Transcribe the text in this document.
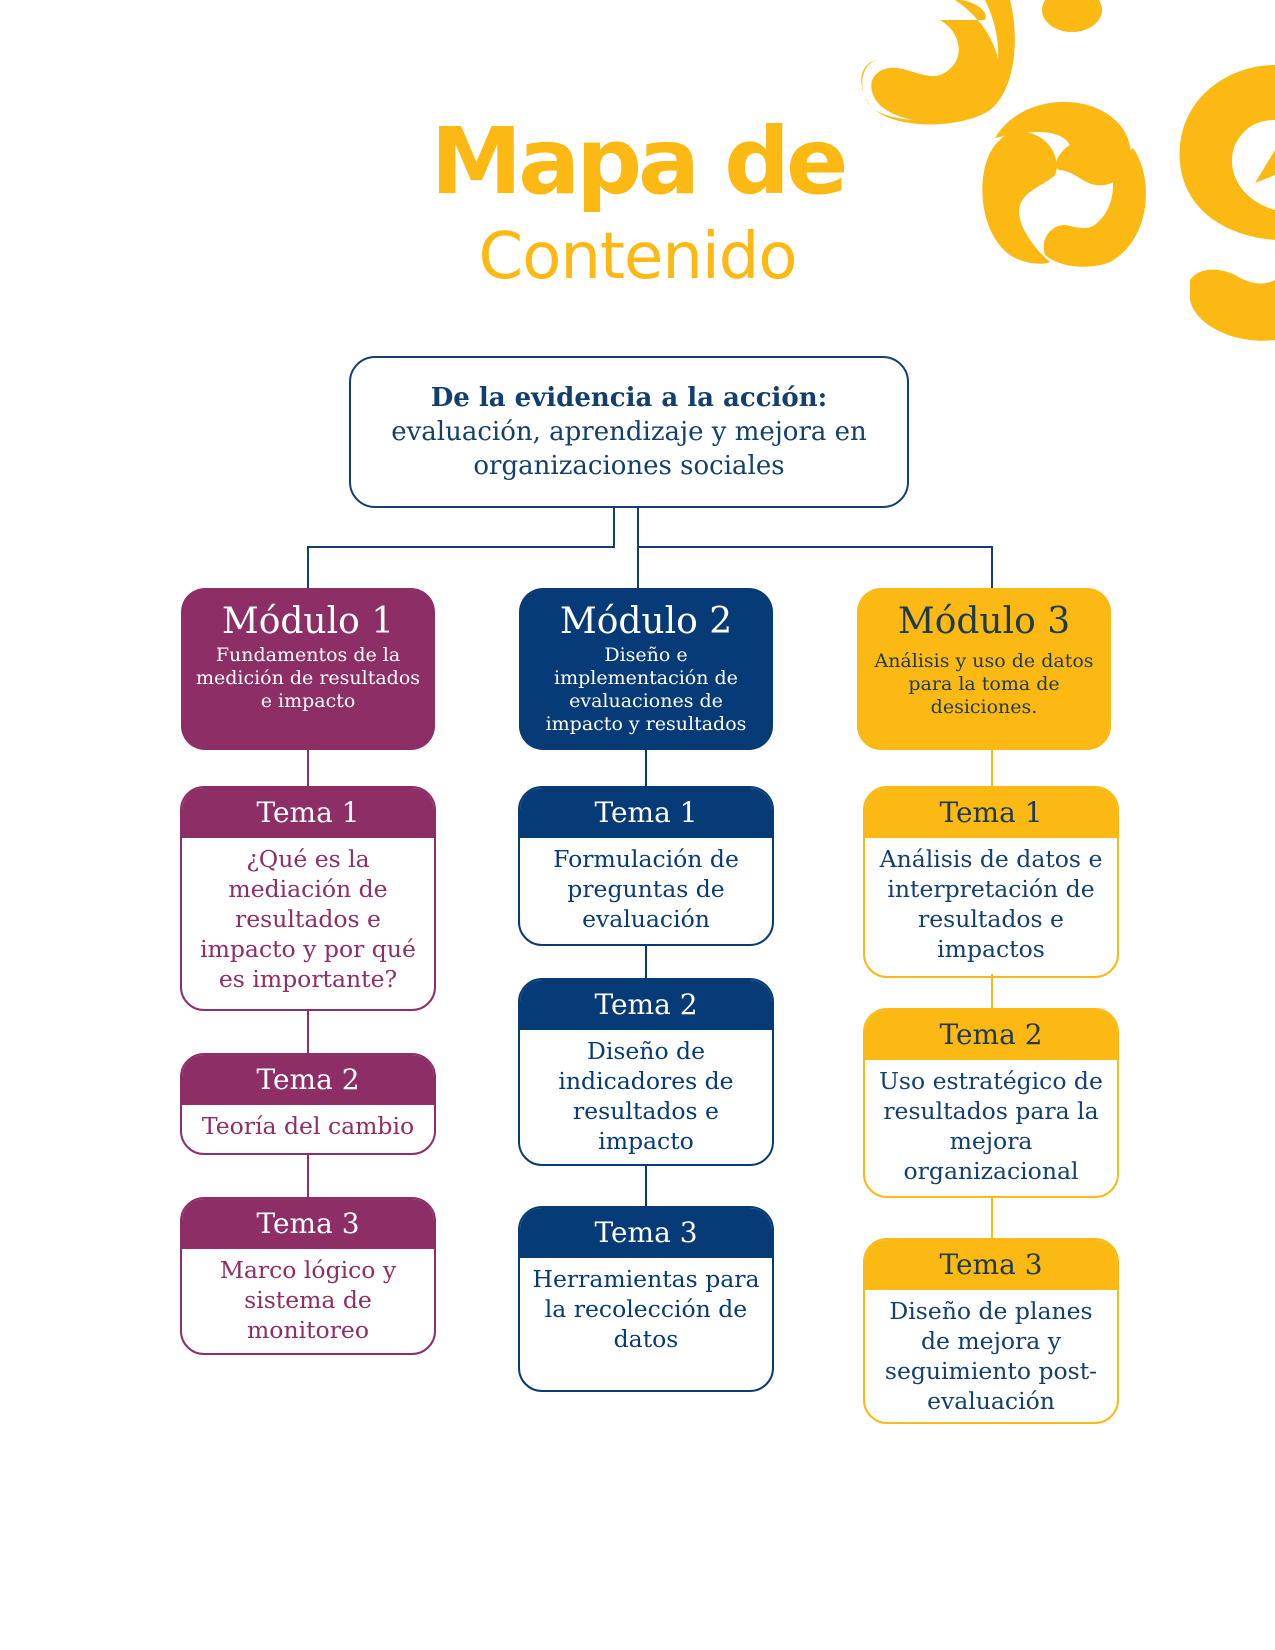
Mapa de
Contenido
De la evidencia a la acción:
evaluación, aprendizaje y mejora en
organizaciones sociales
Módulo 1
Fundamentos de la medición de resultados e impacto
Tema 1
¿Qué es la mediación de resultados e impacto y por qué es importante?
Tema 2
Teoría del cambio
Tema 3
Marco lógico y sistema de monitoreo
Módulo 2
Diseño e implementación de evaluaciones de impacto y resultados
Tema 1
Formulación de preguntas de evaluación
Tema 2
Diseño de indicadores de resultados e impacto
Tema 3
Herramientas para la recolección de datos
Módulo 3
Análisis y uso de datos para la toma de desiciones.
Tema 1
Análisis de datos e interpretación de resultados e impactos
Tema 2
Uso estratégico de resultados para la mejora organizacional
Tema 3
Diseño de planes de mejora y seguimiento post-evaluación
